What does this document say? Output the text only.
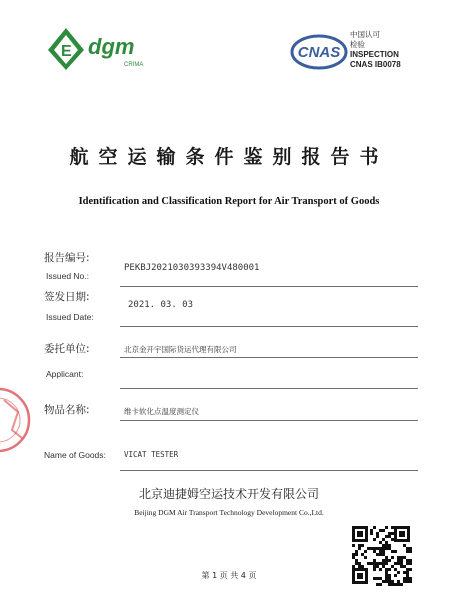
E dgm
CRIMA
CNAS
中国认可
检验
INSPECTION
CNAS IB0078
航空运输条件鉴别报告书
Identification and Classification Report for Air Transport of Goods
报告编号:
Issued No.:
PEKBJ2021030393394V480001
签发日期:
Issued Date:
2021. 03. 03
委托单位:	北京金开宇国际货运代理有限公司
Applicant:
物品名称:	维卡软化点温度测定仪
Name of Goods: VICAT TESTER
北京迪捷姆空运技术开发有限公司
Beijing DGM Air Transport Technology Development Co.,Ltd.
第 1 页 共 4 页
